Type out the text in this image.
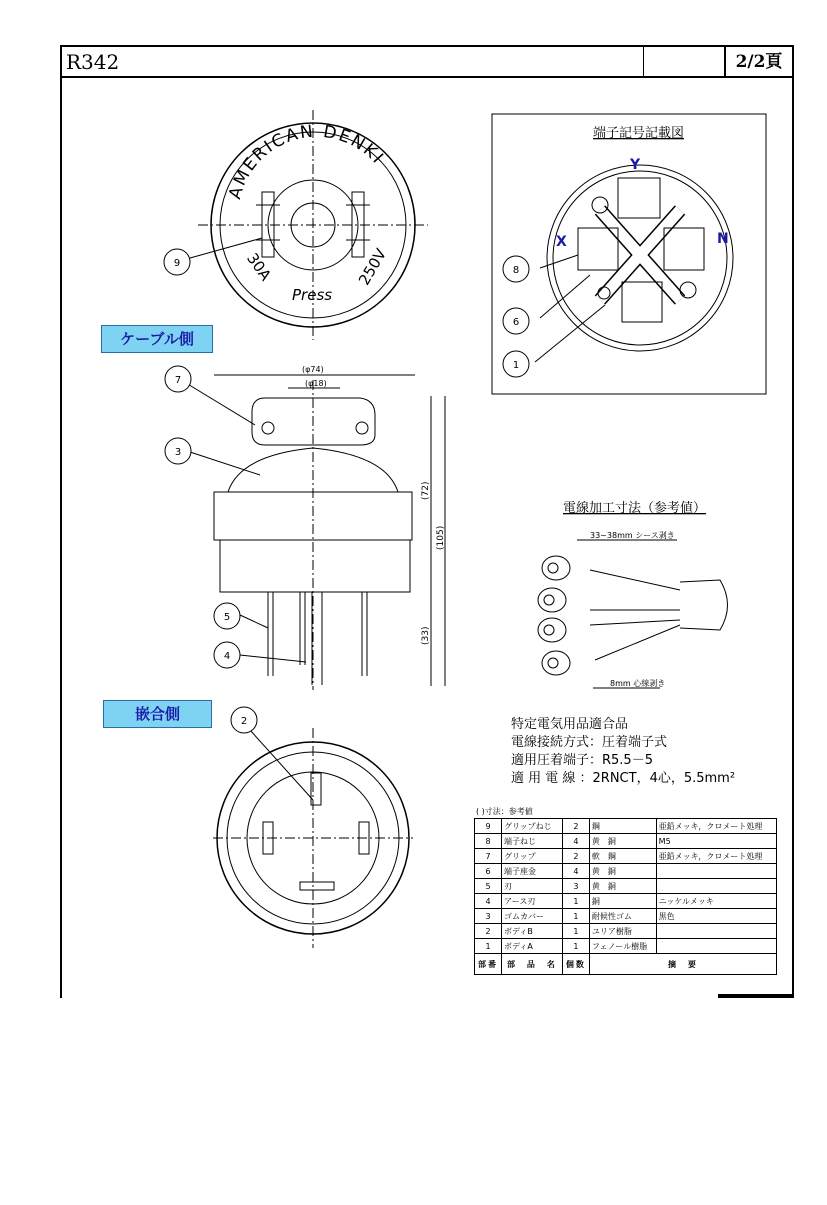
R342	2/2頁
ケーブル側
嵌合側
AMERICAN DENKI
30A	250V
Press
端子記号記載図
Y
X	N
(φ74)
(φ18)
(72)
(105)
(33)
電線加工寸法（参考値）
33~38mm シース剥き
8mm 心線剥き
9
8
6
1
7
3
5
4
2	特定電気用品適合品
電線接続方式：圧着端子式
適用圧着端子：R5.5－5
適 用 電 線 ：2RNCT，4心，5.5mm²
( )寸法：参考値
9	グリップねじ	2	鋼	亜鉛メッキ，クロメート処理
8	端子ねじ	4	黄　銅	M5
7	グリップ	2	軟　鋼	亜鉛メッキ，クロメート処理
6	端子座金	4	黄　銅	
5	刃	3	黄　銅	
4	アース刃	1	銅	ニッケルメッキ
3	ゴムカバー	1	耐候性ゴム	黒色
2	ボディB	1	ユリア樹脂	
1	ボディA	1	フェノール樹脂	
部番	部　品　名	個数	摘　要	
